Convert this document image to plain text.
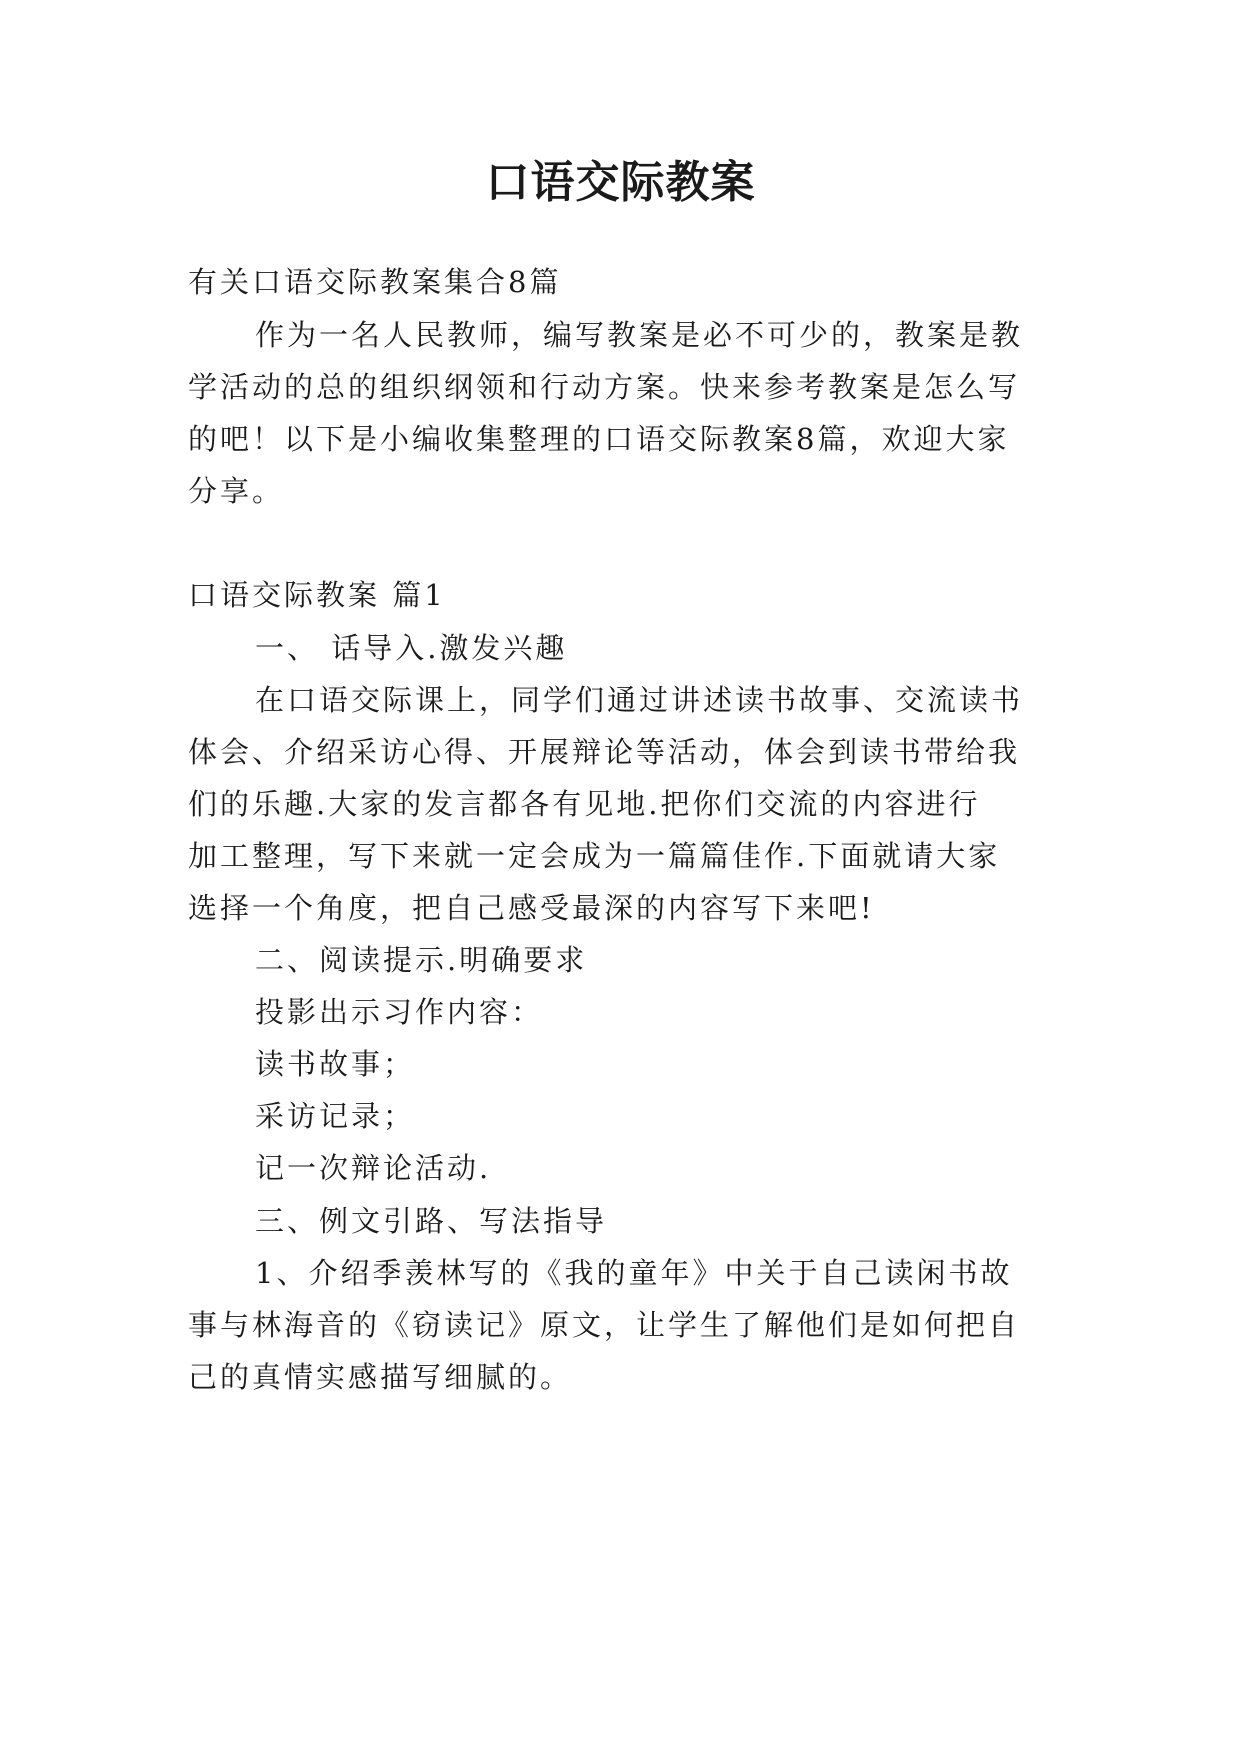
口语交际教案
有关口语交际教案集合8篇
作为一名人民教师，编写教案是必不可少的，教案是教
学活动的总的组织纲领和行动方案。快来参考教案是怎么写
的吧！以下是小编收集整理的口语交际教案8篇，欢迎大家
分享。
口语交际教案 篇1
一、 话导入.激发兴趣
在口语交际课上，同学们通过讲述读书故事、交流读书
体会、介绍采访心得、开展辩论等活动，体会到读书带给我
们的乐趣.大家的发言都各有见地.把你们交流的内容进行
加工整理，写下来就一定会成为一篇篇佳作.下面就请大家
选择一个角度，把自己感受最深的内容写下来吧!
二、阅读提示.明确要求
投影出示习作内容：
读书故事；
采访记录；
记一次辩论活动.
三、例文引路、写法指导
1、介绍季羡林写的《我的童年》中关于自己读闲书故
事与林海音的《窃读记》原文，让学生了解他们是如何把自
己的真情实感描写细腻的。
